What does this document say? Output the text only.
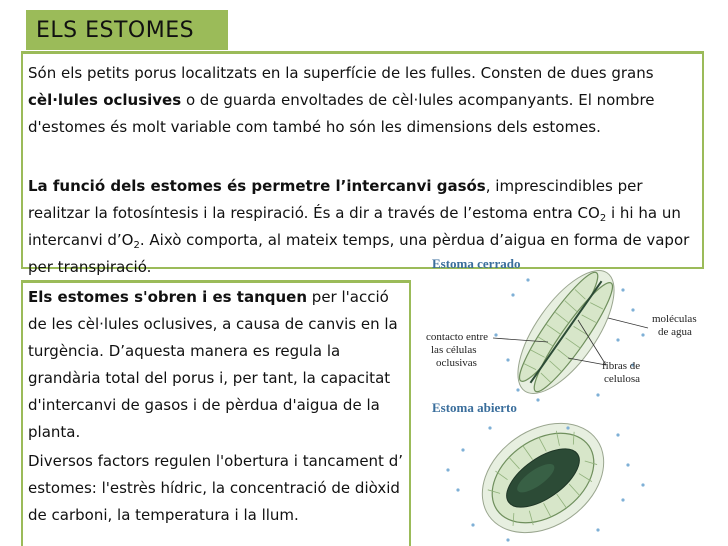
ELS ESTOMES

Són els petits porus localitzats en la superfície de les fulles. Consten de dues grans cèl·lules oclusives o de guarda envoltades de cèl·lules acompanyants. El nombre d'estomes és molt variable com també ho són les dimensions dels estomes.

La funció dels estomes és permetre l’intercanvi gasós, imprescindibles per realitzar la fotosíntesis i la respiració. És a dir a través de l’estoma entra $CO_2$ i hi ha un intercanvi $d’O_2$. Això comporta, al mateix temps, una pèrdua d’aigua en forma de vapor per transpiració.

Els estomes s'obren i es tanquen per l'acció de les cèl·lules oclusives, a causa de canvis en la turgència. D’aquesta manera es regula la grandària total del porus i, per tant, la capacitat d'intercanvi de gasos i de pèrdua d'aigua de la planta.

Diversos factors regulen l'obertura i tancament d’ estomes: l'estrès hídric, la concentració de diòxid de carboni, la temperatura i la llum.

Estoma cerrado
contacto entre
las células
oclusivas
moléculas
de agua
fibras de
celulosa
Estoma abierto
